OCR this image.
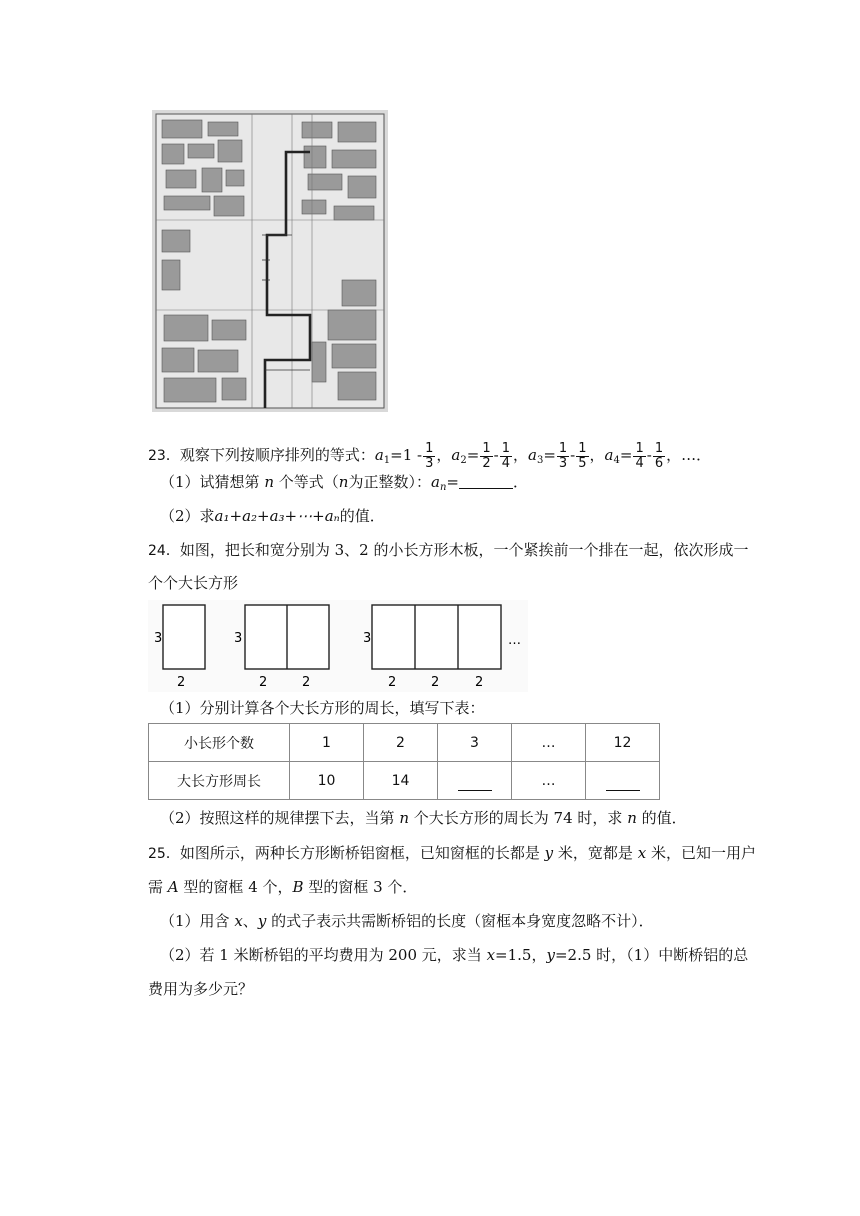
23．观察下列按顺序排列的等式：$a_1=1 - \frac{1}{3}$ ，$a_2= \frac{1}{2} - \frac{1}{4}$ ，$a_3= \frac{1}{3} - \frac{1}{5}$ ，$a_4= \frac{1}{4} - \frac{1}{6}$ ，…．
（1）试猜想第 n 个等式（n为正整数）：$a_n=$	．
（2）求a₁+a₂+a₃+⋯+aₙ的值．
24．如图，把长和宽分别为 3、2 的小长方形木板，一个紧挨前一个排在一起，依次形成一
个个大长方形
3
2
3
2	2
3
2	2	2
…
（1）分别计算各个大长方形的周长，填写下表：
小长形个数	1	2	3	…	12
大长方形周长	10	14		…	
（2）按照这样的规律摆下去，当第 n 个大长方形的周长为 74 时，求 n 的值．
25．如图所示，两种长方形断桥铝窗框，已知窗框的长都是 y 米，宽都是 x 米，已知一用户
需 A 型的窗框 4 个，B 型的窗框 3 个．
（1）用含 x、y 的式子表示共需断桥铝的长度（窗框本身宽度忽略不计）．
（2）若 1 米断桥铝的平均费用为 200 元，求当 x=1.5，y=2.5 时，（1）中断桥铝的总
费用为多少元？
